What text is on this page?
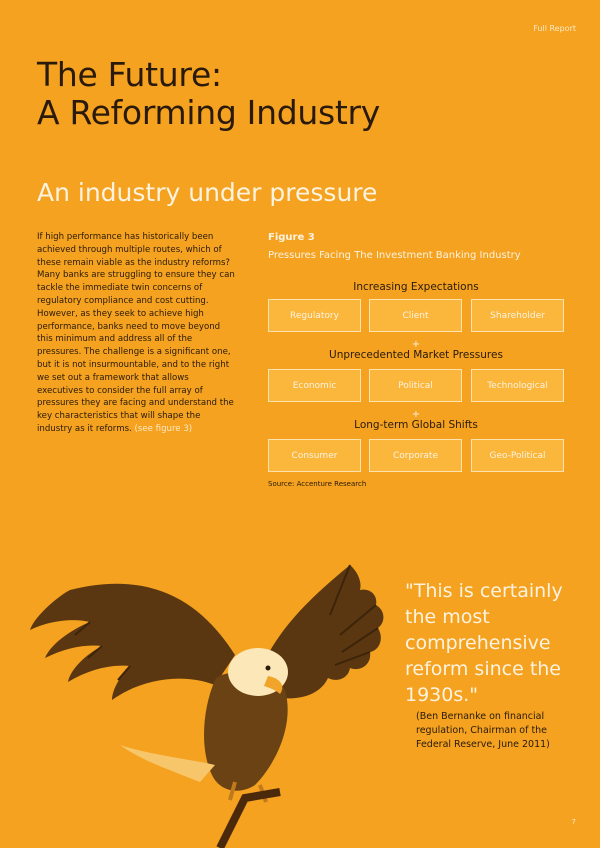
Full Report
The Future:
A Reforming Industry
An industry under pressure
If high performance has historically been achieved through multiple routes, which of these remain viable as the industry reforms? Many banks are struggling to ensure they can tackle the immediate twin concerns of regulatory compliance and cost cutting. However, as they seek to achieve high performance, banks need to move beyond this minimum and address all of the pressures. The challenge is a significant one, but it is not insurmountable, and to the right we set out a framework that allows executives to consider the full array of pressures they are facing and understand the key characteristics that will shape the industry as it reforms. (see figure 3)
Figure 3
Pressures Facing The Investment Banking Industry
Increasing Expectations
Regulatory	Client	Shareholder
+
Unprecedented Market Pressures
Economic	Political	Technological
+
Long-term Global Shifts
Consumer	Corporate	Geo-Political
Source: Accenture Research
"This is certainly the most comprehensive reform since the 1930s."
(Ben Bernanke on financial regulation, Chairman of the Federal Reserve, June 2011)
7
